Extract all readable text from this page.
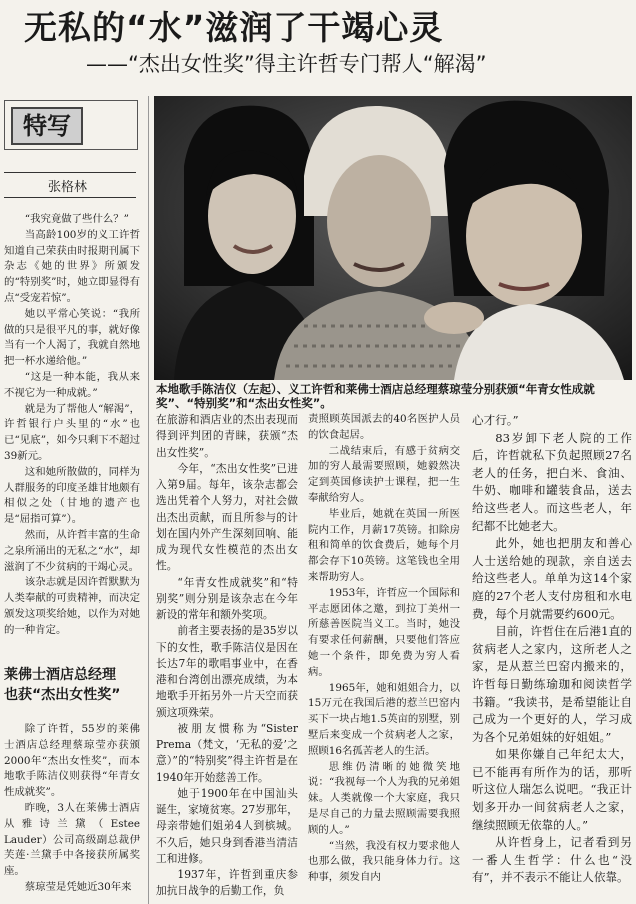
无私的“水”滋润了干竭心灵
——“杰出女性奖”得主许哲专门帮人“解渴”
特写
张格林
本地歌手陈洁仪（左起）、义工许哲和莱佛士酒店总经理蔡琼莹分别获颁“年青女性成就奖”、“特别奖”和“杰出女性奖”。

“我究竟做了些什么？”

当高龄100岁的义工许哲知道自己荣获由时报期刊属下杂志《她的世界》所颁发的“特别奖”时，她立即显得有点“受宠若惊”。

她以平常心笑说：“我所做的只是很平凡的事，就好像当有一个人渴了，我就自然地把一杯水递给他。”

“这是一种本能，我从来不视它为一种成就。”

就是为了帮他人“解渴”，许哲银行户头里的“水”也已“见底”，如今只剩下不超过39新元。

这和她所散做的，同样为人群服务的印度圣雄甘地颇有相似之处（甘地的遗产也是“屈指可算”）。

然而，从许哲丰富的生命之泉所涌出的无私之“水”，却滋润了不少贫病的干竭心灵。

该杂志就是因许哲默默为人类奉献的可贵精神，而决定颁发这项奖给她，以作为对她的一种肯定。

莱佛士酒店总经理
也获“杰出女性奖”

除了许哲，55岁的莱佛士酒店总经理蔡琼莹亦获颁2000年“杰出女性奖”，而本地歌手陈洁仪则获得“年青女性成就奖”。

昨晚，3人在莱佛士酒店从雅诗兰黛（Estee Lauder）公司高级副总裁伊芙莲·兰黛手中各接获所属奖座。

蔡琼莹是凭她近30年来

在旅游和酒店业的杰出表现而得到评判团的青睐，获颁“杰出女性奖”。

今年，“杰出女性奖”已进入第9届。每年，该杂志都会选出凭着个人努力，对社会做出杰出贡献，而且所参与的计划在国内外产生深刻回响、能成为现代女性模范的杰出女性。

“年青女性成就奖”和“特别奖”则分别是该杂志在今年新设的常年和额外奖项。

前者主要表扬的是35岁以下的女性，歌手陈洁仪是因在长达7年的歌唱事业中，在香港和台湾创出漂亮成绩，为本地歌手开拓另外一片天空而获颁这项殊荣。

被朋友惯称为“Sister Prema（梵文，‘无私的爱’之意）”的“特别奖”得主许哲是在1940年开始慈善工作。

她于1900年在中国汕头诞生，家境贫寒。27岁那年，母亲带她们姐弟4人到槟城。不久后，她只身到香港当清洁工和进修。

1937年，许哲到重庆参加抗日战争的后勤工作，负

责照顾英国派去的40名医护人员的饮食起居。

二战结束后，有感于贫病交加的穷人最需要照顾，她毅然决定到英国修读护士课程，把一生奉献给穷人。

毕业后，她就在英国一所医院内工作，月薪17英镑。扣除房租和简单的饮食费后，她每个月都会存下10英镑。这笔钱也全用来帮助穷人。

1953年，许哲应一个国际和平志愿团体之邀，到拉丁美州一所慈善医院当义工。当时，她没有要求任何薪酬，只要他们答应她一个条件，即免费为穷人看病。

1965年，她和姐姐合力，以15万元在我国后港的惹兰巴窑内买下一块占地1.5英亩的别墅，别墅后来变成一个贫病老人之家，照顾16名孤苦老人的生活。

思维仍清晰的她微笑地说：“我视每一个人为我的兄弟姐妹。人类就像一个大家庭，我只是尽自己的力量去照顾需要我照顾的人。”

“当然，我没有权力要求他人也那么做，我只能身体力行。这种事，须发自内

心才行。”

83岁卸下老人院的工作后，许哲就私下负起照顾27名老人的任务，把白米、食油、牛奶、咖啡和罐装食品，送去给这些老人。而这些老人，年纪都不比她老大。

此外，她也把朋友和善心人士送给她的现款，亲自送去给这些老人。单单为这14个家庭的27个老人支付房租和水电费，每个月就需要约600元。

目前，许哲住在后港1直的贫病老人之家内，这所老人之家，是从惹兰巴窑内搬来的，许哲每日勤练瑜珈和阅读哲学书籍。“我读书，是希望能让自己成为一个更好的人，学习成为各个兄弟姐妹的好姐姐。”

如果你嫌自己年纪太大，已不能再有所作为的话，那听听这位人瑞怎么说吧。“我正计划多开办一间贫病老人之家，继续照顾无依靠的人。”

从许哲身上，记者看到另一番人生哲学：什么也“没有”，并不表示不能让人依靠。
